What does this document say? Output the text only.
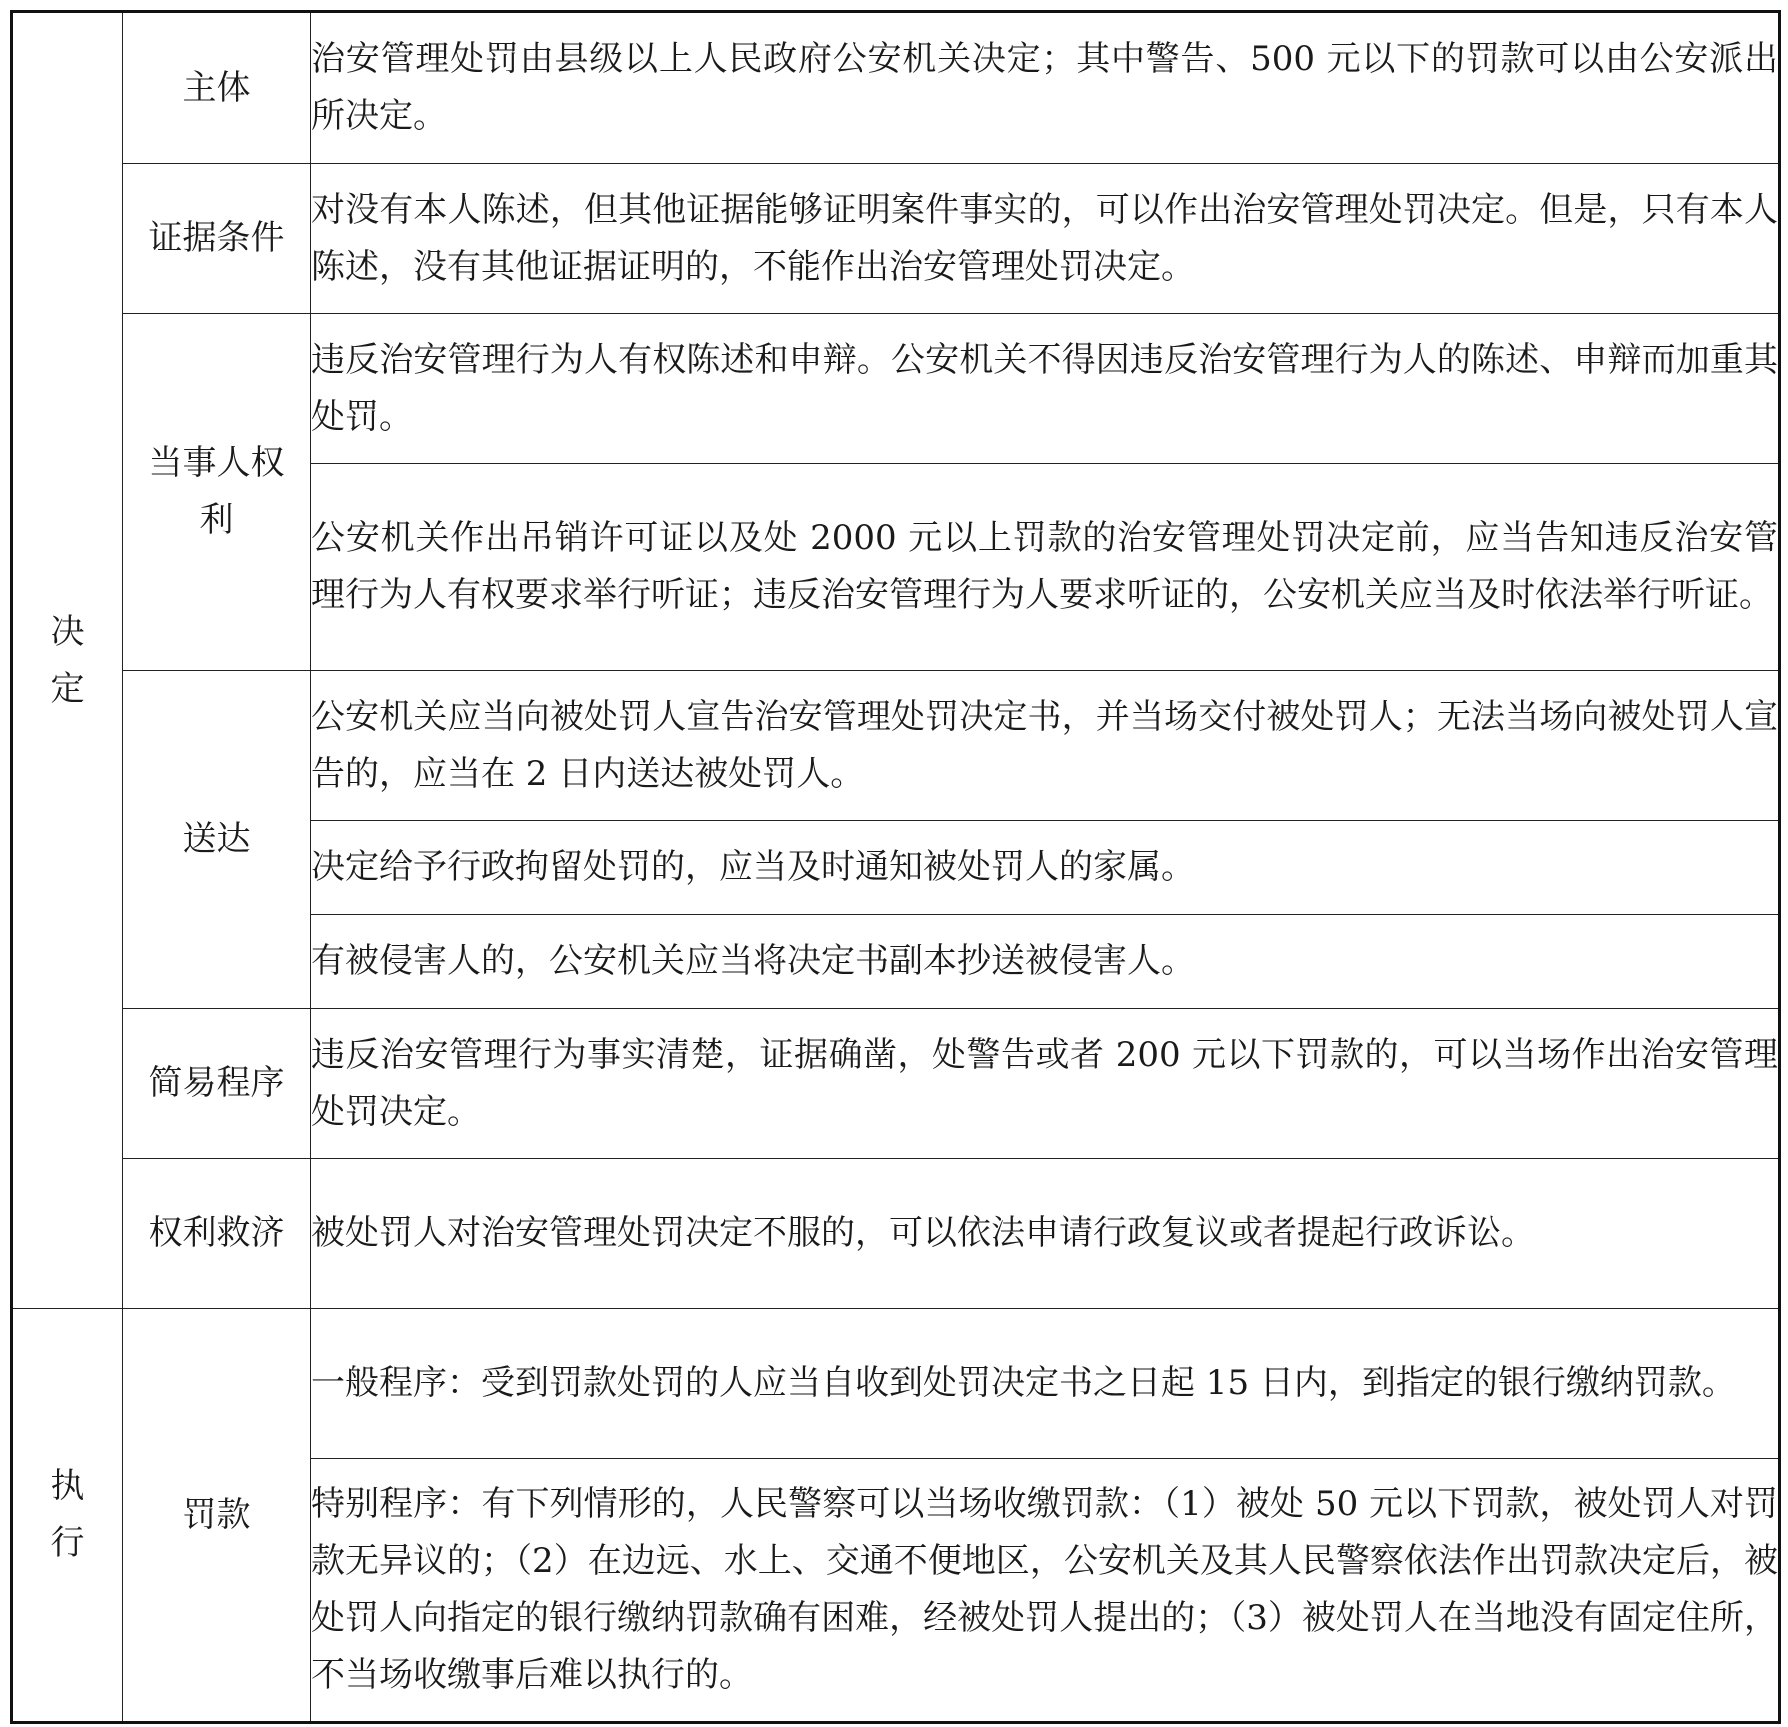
决定	主体	治安管理处罚由县级以上人民政府公安机关决定；其中警告、500 元以下的罚款可以由公安派出所决定。
	证据条件	对没有本人陈述，但其他证据能够证明案件事实的，可以作出治安管理处罚决定。但是，只有本人陈述，没有其他证据证明的，不能作出治安管理处罚决定。
	当事人权利	违反治安管理行为人有权陈述和申辩。公安机关不得因违反治安管理行为人的陈述、申辩而加重其处罚。
		公安机关作出吊销许可证以及处 2000 元以上罚款的治安管理处罚决定前，应当告知违反治安管理行为人有权要求举行听证；违反治安管理行为人要求听证的，公安机关应当及时依法举行听证。
	送达	公安机关应当向被处罚人宣告治安管理处罚决定书，并当场交付被处罚人；无法当场向被处罚人宣告的，应当在 2 日内送达被处罚人。
		决定给予行政拘留处罚的，应当及时通知被处罚人的家属。
		有被侵害人的，公安机关应当将决定书副本抄送被侵害人。
	简易程序	违反治安管理行为事实清楚，证据确凿，处警告或者 200 元以下罚款的，可以当场作出治安管理处罚决定。
	权利救济	被处罚人对治安管理处罚决定不服的，可以依法申请行政复议或者提起行政诉讼。

执行	罚款	一般程序：受到罚款处罚的人应当自收到处罚决定书之日起 15 日内，到指定的银行缴纳罚款。
		特别程序：有下列情形的，人民警察可以当场收缴罚款：（1）被处 50 元以下罚款，被处罚人对罚款无异议的；（2）在边远、水上、交通不便地区，公安机关及其人民警察依法作出罚款决定后，被处罚人向指定的银行缴纳罚款确有困难，经被处罚人提出的；（3）被处罚人在当地没有固定住所，不当场收缴事后难以执行的。
